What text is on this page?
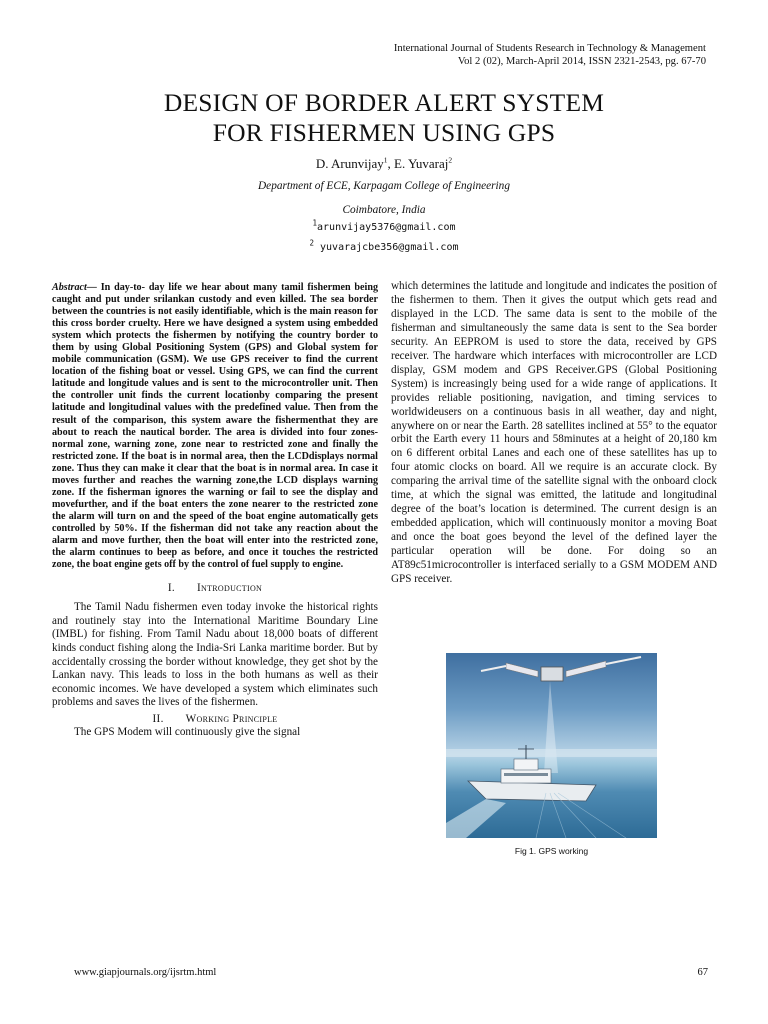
International Journal of Students Research in Technology & Management
Vol 2 (02), March-April 2014, ISSN 2321-2543, pg. 67-70
DESIGN OF BORDER ALERT SYSTEM
FOR FISHERMEN USING GPS
D. Arunvijay$^1$, E. Yuvaraj$^2$
Department of ECE, Karpagam College of Engineering
Coimbatore, India
$^1$arunvijay5376@gmail.com
$^2$ yuvarajcbe356@gmail.com

Abstract— In day-to- day life we hear about many tamil fishermen being caught and put under srilankan custody and even killed. The sea border between the countries is not easily identifiable, which is the main reason for this cross border cruelty. Here we have designed a system using embedded system which protects the fishermen by notifying the country border to them by using Global Positioning System (GPS) and Global system for mobile communication (GSM). We use GPS receiver to find the current location of the fishing boat or vessel. Using GPS, we can find the current latitude and longitude values and is sent to the microcontroller unit. Then the controller unit finds the current locationby comparing the present latitude and longitudinal values with the predefined value. Then from the result of the comparison, this system aware the fishermenthat they are about to reach the nautical border. The area is divided into four zones- normal zone, warning zone, zone near to restricted zone and finally the restricted zone. If the boat is in normal area, then the LCDdisplays normal zone. Thus they can make it clear that the boat is in normal area. In case it moves further and reaches the warning zone,the LCD displays warning zone. If the fisherman ignores the warning or fail to see the display and movefurther, and if the boat enters the zone nearer to the restricted zone the alarm will turn on and the speed of the boat engine automatically gets controlled by 50%. If the fisherman did not take any reaction about the alarm and move further, then the boat will enter into the restricted zone, the alarm continues to beep as before, and once it touches the restricted zone, the boat engine gets off by the control of fuel supply to engine.

I. Introduction

The Tamil Nadu fishermen even today invoke the historical rights and routinely stay into the International Maritime Boundary Line (IMBL) for fishing. From Tamil Nadu about 18,000 boats of different kinds conduct fishing along the India-Sri Lanka maritime border. But by accidentally crossing the border without knowledge, they get shot by the Lankan navy. This leads to loss in the both humans as well as their economic incomes. We have developed a system which eliminates such problems and saves the lives of the fishermen.

II. Working Principle

The GPS Modem will continuously give the signal

which determines the latitude and longitude and indicates the position of the fishermen to them. Then it gives the output which gets read and displayed in the LCD. The same data is sent to the mobile of the fisherman and simultaneously the same data is sent to the Sea border security. An EEPROM is used to store the data, received by GPS receiver. The hardware which interfaces with microcontroller are LCD display, GSM modem and GPS Receiver.GPS (Global Positioning System) is increasingly being used for a wide range of applications. It provides reliable positioning, navigation, and timing services to worldwideusers on a continuous basis in all weather, day and night, anywhere on or near the Earth. 28 satellites inclined at 55° to the equator orbit the Earth every 11 hours and 58minutes at a height of 20,180 km on 6 different orbital Lanes and each one of these satellites has up to four atomic clocks on board. All we require is an accurate clock. By comparing the arrival time of the satellite signal with the onboard clock time, at which the signal was emitted, the latitude and longitudinal degree of the boat’s location is determined. The current design is an embedded application, which will continuously monitor a moving Boat and once the boat goes beyond the level of the defined layer the particular operation will be done. For doing so an AT89c51microcontroller is interfaced serially to a GSM MODEM AND GPS receiver.

Fig 1. GPS working
www.giapjournals.org/ijsrtm.html	67
